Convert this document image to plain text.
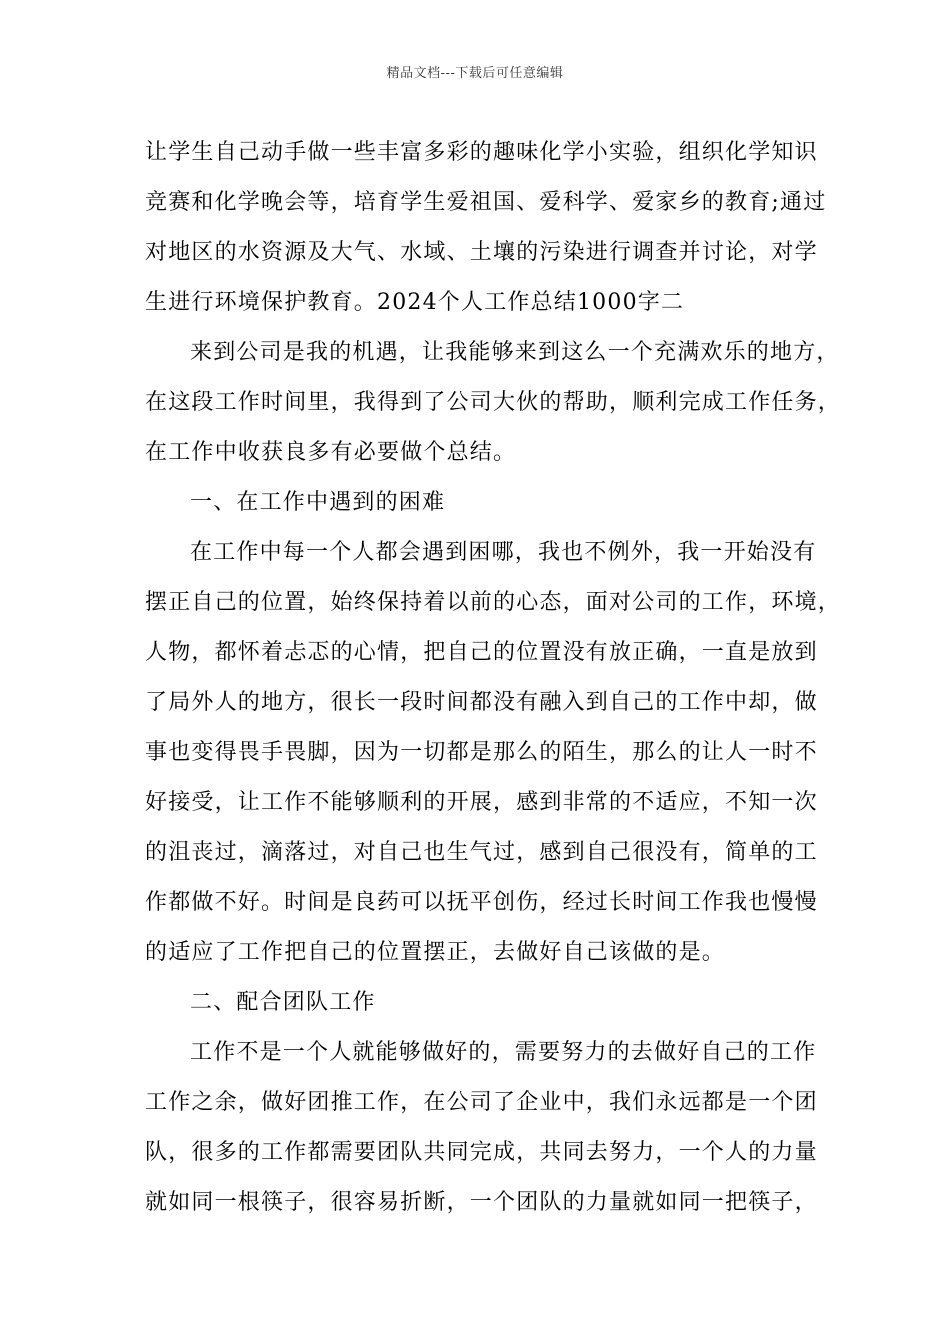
精品文档---下载后可任意编辑
让学生自己动手做一些丰富多彩的趣味化学小实验，组织化学知识
竞赛和化学晚会等，培育学生爱祖国、爱科学、爱家乡的教育;通过
对地区的水资源及大气、水域、土壤的污染进行调查并讨论，对学
生进行环境保护教育。2024个人工作总结1000字二
来到公司是我的机遇，让我能够来到这么一个充满欢乐的地方，
在这段工作时间里，我得到了公司大伙的帮助，顺利完成工作任务，
在工作中收获良多有必要做个总结。
一、在工作中遇到的困难
在工作中每一个人都会遇到困哪，我也不例外，我一开始没有
摆正自己的位置，始终保持着以前的心态，面对公司的工作，环境，
人物，都怀着忐忑的心情，把自己的位置没有放正确，一直是放到
了局外人的地方，很长一段时间都没有融入到自己的工作中却，做
事也变得畏手畏脚，因为一切都是那么的陌生，那么的让人一时不
好接受，让工作不能够顺利的开展，感到非常的不适应，不知一次
的沮丧过，滴落过，对自己也生气过，感到自己很没有，简单的工
作都做不好。时间是良药可以抚平创伤，经过长时间工作我也慢慢
的适应了工作把自己的位置摆正，去做好自己该做的是。
二、配合团队工作
工作不是一个人就能够做好的，需要努力的去做好自己的工作
工作之余，做好团推工作，在公司了企业中，我们永远都是一个团
队，很多的工作都需要团队共同完成，共同去努力，一个人的力量
就如同一根筷子，很容易折断，一个团队的力量就如同一把筷子，
